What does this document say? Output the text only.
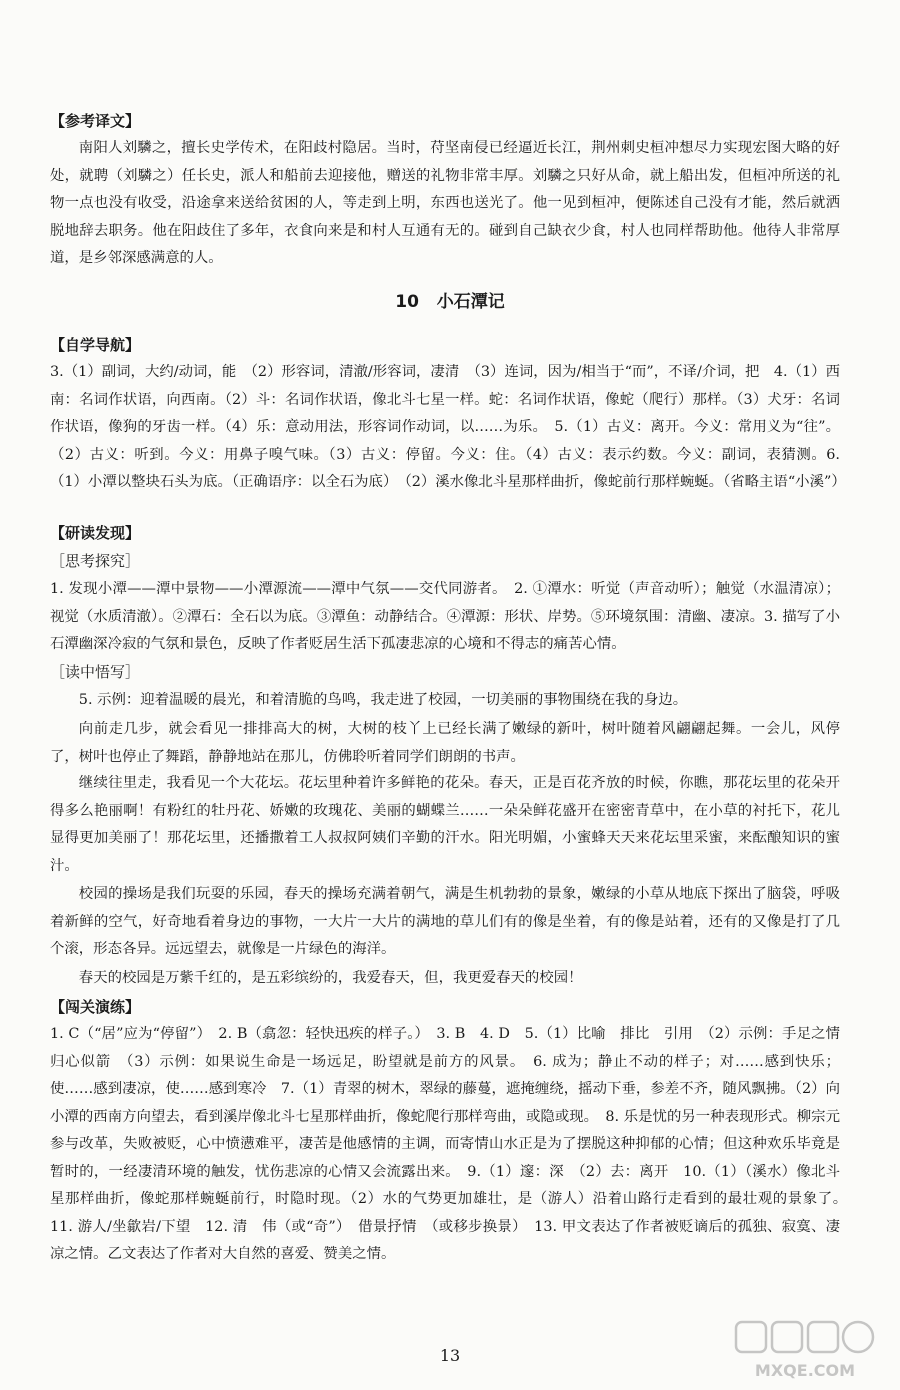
【参考译文】
南阳人刘驎之，擅长史学传术，在阳歧村隐居。当时，苻坚南侵已经逼近长江，荆州刺史桓冲想尽力实现宏图大略的好处，就聘（刘驎之）任长史，派人和船前去迎接他，赠送的礼物非常丰厚。刘驎之只好从命，就上船出发，但桓冲所送的礼物一点也没有收受，沿途拿来送给贫困的人，等走到上明，东西也送光了。他一见到桓冲，便陈述自己没有才能，然后就洒脱地辞去职务。他在阳歧住了多年，衣食向来是和村人互通有无的。碰到自己缺衣少食，村人也同样帮助他。他待人非常厚道，是乡邻深感满意的人。
10 小石潭记
【自学导航】
3.（1）副词，大约/动词，能　（2）形容词，清澈/形容词，凄清　（3）连词，因为/相当于“而”，不译/介词，把　4.（1）西南：名词作状语，向西南。（2）斗：名词作状语，像北斗七星一样。蛇：名词作状语，像蛇（爬行）那样。（3）犬牙：名词作状语，像狗的牙齿一样。（4）乐：意动用法，形容词作动词，以……为乐。　5.（1）古义：离开。今义：常用义为“往”。（2）古义：听到。今义：用鼻子嗅气味。（3）古义：停留。今义：住。（4）古义：表示约数。今义：副词，表猜测。6.（1）小潭以整块石头为底。（正确语序：以全石为底）　（2）溪水像北斗星那样曲折，像蛇前行那样蜿蜒。（省略主语“小溪”）
【研读发现】
［思考探究］
1. 发现小潭——潭中景物——小潭源流——潭中气氛——交代同游者。　2. ①潭水：听觉（声音动听）；触觉（水温清凉）；视觉（水质清澈）。②潭石：全石以为底。③潭鱼：动静结合。④潭源：形状、岸势。⑤环境氛围：清幽、凄凉。3. 描写了小石潭幽深冷寂的气氛和景色，反映了作者贬居生活下孤凄悲凉的心境和不得志的痛苦心情。
［读中悟写］
5. 示例：迎着温暖的晨光，和着清脆的鸟鸣，我走进了校园，一切美丽的事物围绕在我的身边。
向前走几步，就会看见一排排高大的树，大树的枝丫上已经长满了嫩绿的新叶，树叶随着风翩翩起舞。一会儿，风停了，树叶也停止了舞蹈，静静地站在那儿，仿佛聆听着同学们朗朗的书声。
继续往里走，我看见一个大花坛。花坛里种着许多鲜艳的花朵。春天，正是百花齐放的时候，你瞧，那花坛里的花朵开得多么艳丽啊！有粉红的牡丹花、娇嫩的玫瑰花、美丽的蝴蝶兰……一朵朵鲜花盛开在密密青草中，在小草的衬托下，花儿显得更加美丽了！那花坛里，还播撒着工人叔叔阿姨们辛勤的汗水。阳光明媚，小蜜蜂天天来花坛里采蜜，来酝酿知识的蜜汁。
校园的操场是我们玩耍的乐园，春天的操场充满着朝气，满是生机勃勃的景象，嫩绿的小草从地底下探出了脑袋，呼吸着新鲜的空气，好奇地看着身边的事物，一大片一大片的满地的草儿们有的像是坐着，有的像是站着，还有的又像是打了几个滚，形态各异。远远望去，就像是一片绿色的海洋。
春天的校园是万紫千红的，是五彩缤纷的，我爱春天，但，我更爱春天的校园！
【闯关演练】
1. C（“居”应为“停留”）　2. B（翕忽：轻快迅疾的样子。）　3. B　4. D　5.（1）比喻　排比　引用　（2）示例：手足之情　归心似箭　（3）示例：如果说生命是一场远足，盼望就是前方的风景。　6. 成为；静止不动的样子；对……感到快乐；使……感到凄凉，使……感到寒冷　7.（1）青翠的树木，翠绿的藤蔓，遮掩缠绕，摇动下垂，参差不齐，随风飘拂。（2）向小潭的西南方向望去，看到溪岸像北斗七星那样曲折，像蛇爬行那样弯曲，或隐或现。　8. 乐是忧的另一种表现形式。柳宗元参与改革，失败被贬，心中愤懑难平，凄苦是他感情的主调，而寄情山水正是为了摆脱这种抑郁的心情；但这种欢乐毕竟是暂时的，一经凄清环境的触发，忧伤悲凉的心情又会流露出来。　9.（1）邃：深　（2）去：离开　10.（1）（溪水）像北斗星那样曲折，像蛇那样蜿蜒前行，时隐时现。（2）水的气势更加雄壮，是（游人）沿着山路行走看到的最壮观的景象了。　11. 游人/坐歙岩/下望　12. 清　伟（或“奇”）　借景抒情　（或移步换景）　13. 甲文表达了作者被贬谪后的孤独、寂寞、凄凉之情。乙文表达了作者对大自然的喜爱、赞美之情。
13
MXQE.COM
